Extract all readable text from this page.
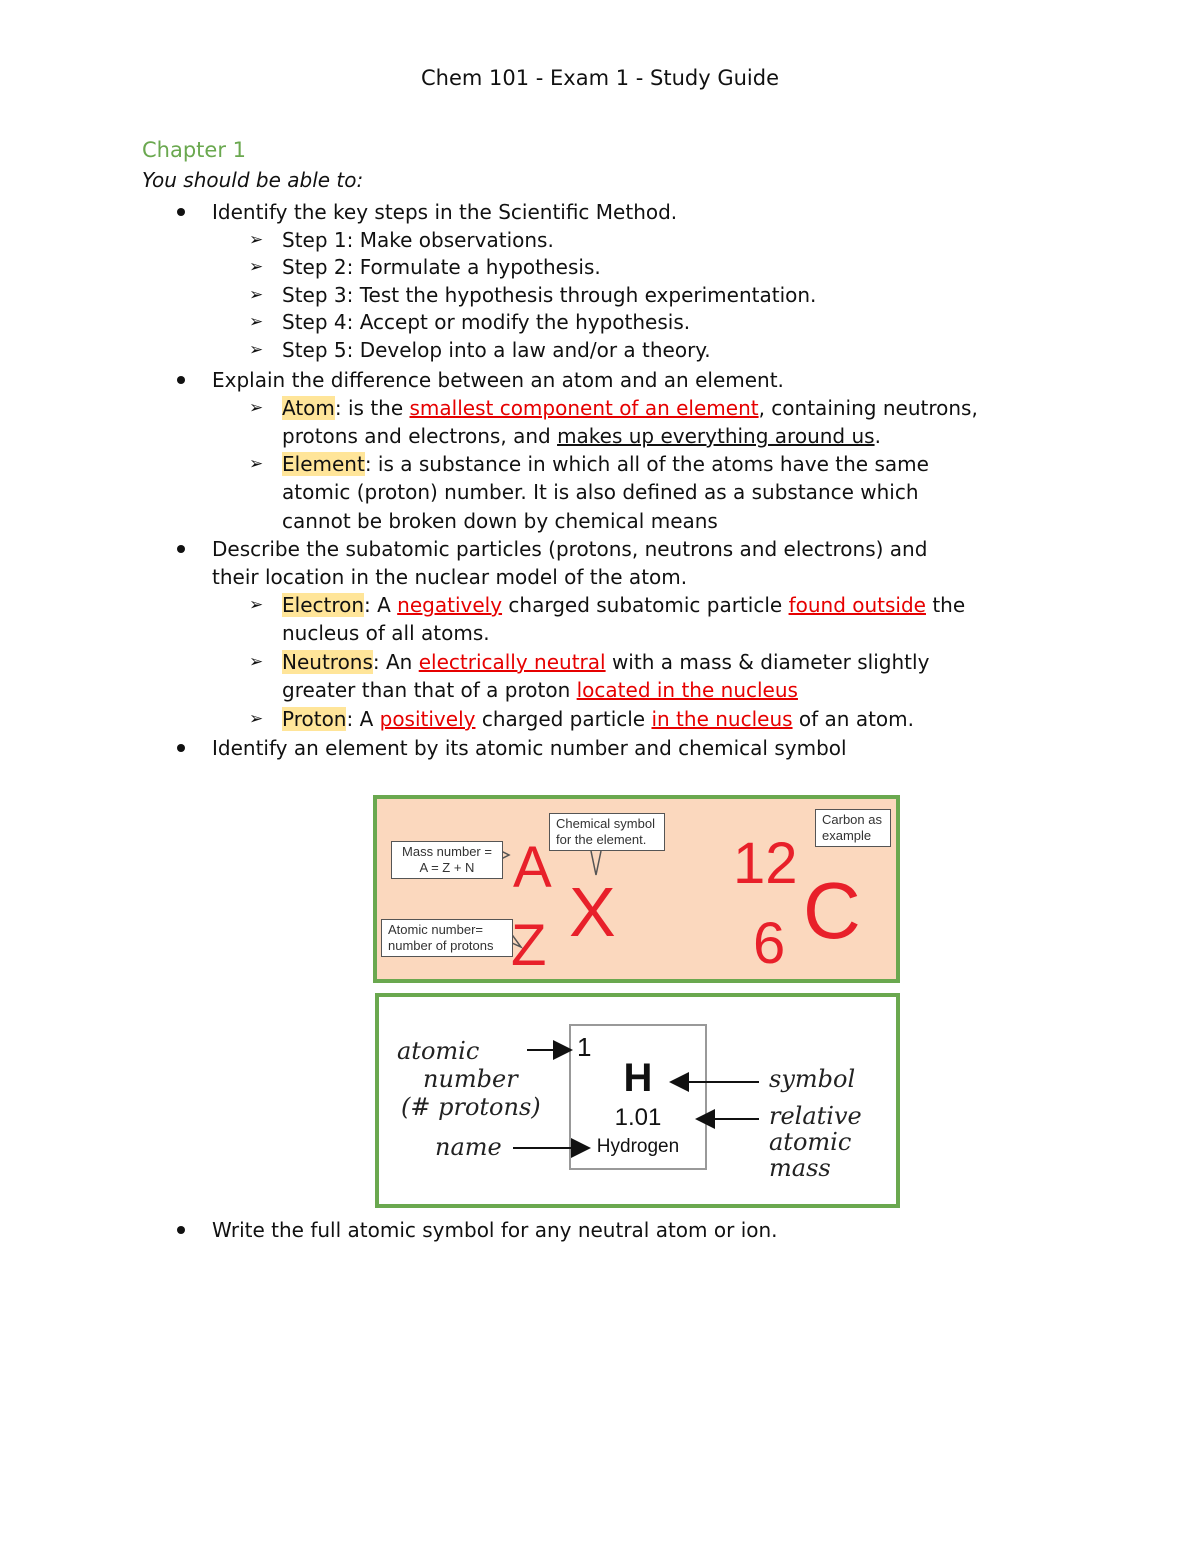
Chem 101 - Exam 1 - Study Guide
Chapter 1
You should be able to:
Identify the key steps in the Scientific Method.
➢ Step 1: Make observations.
➢ Step 2: Formulate a hypothesis.
➢ Step 3: Test the hypothesis through experimentation.
➢ Step 4: Accept or modify the hypothesis.
➢ Step 5: Develop into a law and/or a theory.
Explain the difference between an atom and an element.
➢ Atom: is the smallest component of an element, containing neutrons,
protons and electrons, and makes up everything around us.
➢ Element: is a substance in which all of the atoms have the same
atomic (proton) number. It is also defined as a substance which
cannot be broken down by chemical means
Describe the subatomic particles (protons, neutrons and electrons) and
their location in the nuclear model of the atom.
➢ Electron: A negatively charged subatomic particle found outside the
nucleus of all atoms.
➢ Neutrons: An electrically neutral with a mass & diameter slightly
greater than that of a proton located in the nucleus
➢ Proton: A positively charged particle in the nucleus of an atom.
Identify an element by its atomic number and chemical symbol
Mass number =
A = Z + N
Atomic number=
number of protons
Chemical symbol
for the element.
Carbon as
example
A
Z X
12
6 C
1
H
1.01
Hydrogen
atomic
number
(# protons)
name
symbol
relative
atomic
mass
Write the full atomic symbol for any neutral atom or ion.
